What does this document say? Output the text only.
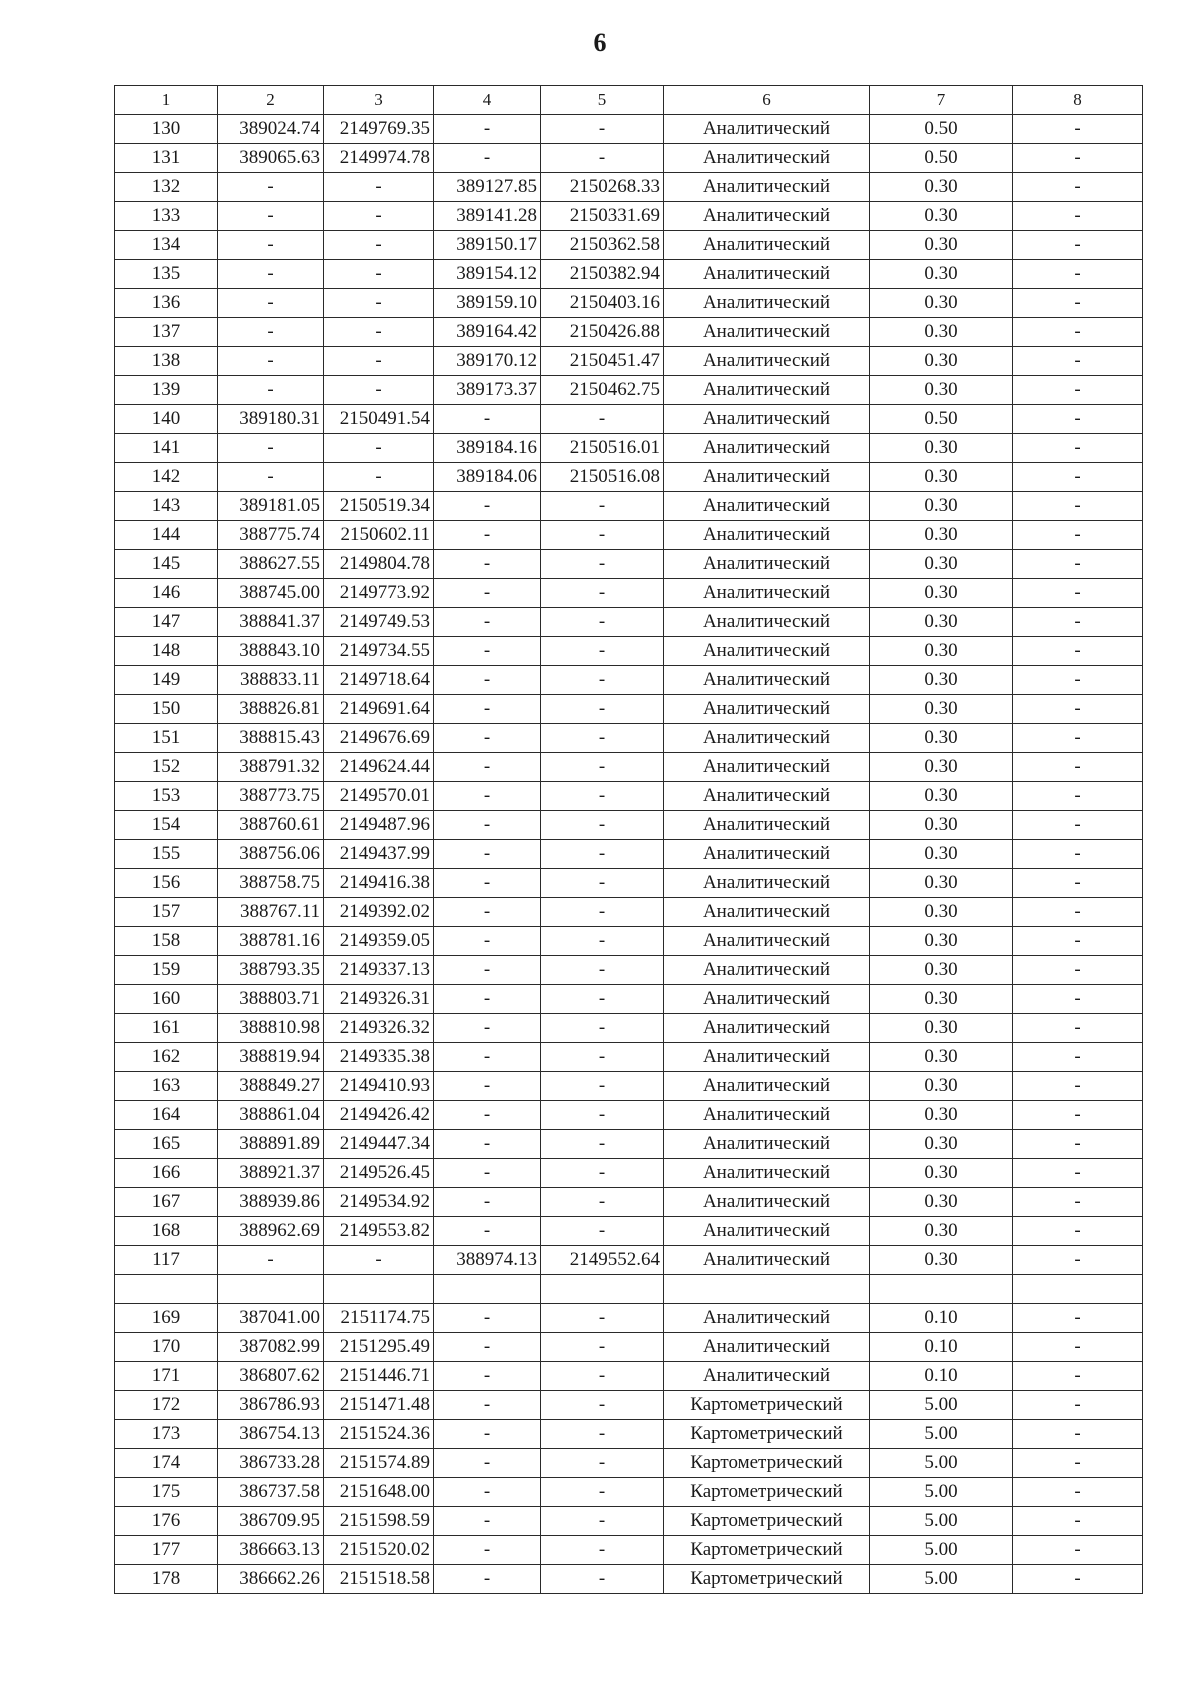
6
1	2	3	4	5	6	7	8
130	389024.74	2149769.35	-	-	Аналитический	0.50	-
131	389065.63	2149974.78	-	-	Аналитический	0.50	-
132	-	-	389127.85	2150268.33	Аналитический	0.30	-
133	-	-	389141.28	2150331.69	Аналитический	0.30	-
134	-	-	389150.17	2150362.58	Аналитический	0.30	-
135	-	-	389154.12	2150382.94	Аналитический	0.30	-
136	-	-	389159.10	2150403.16	Аналитический	0.30	-
137	-	-	389164.42	2150426.88	Аналитический	0.30	-
138	-	-	389170.12	2150451.47	Аналитический	0.30	-
139	-	-	389173.37	2150462.75	Аналитический	0.30	-
140	389180.31	2150491.54	-	-	Аналитический	0.50	-
141	-	-	389184.16	2150516.01	Аналитический	0.30	-
142	-	-	389184.06	2150516.08	Аналитический	0.30	-
143	389181.05	2150519.34	-	-	Аналитический	0.30	-
144	388775.74	2150602.11	-	-	Аналитический	0.30	-
145	388627.55	2149804.78	-	-	Аналитический	0.30	-
146	388745.00	2149773.92	-	-	Аналитический	0.30	-
147	388841.37	2149749.53	-	-	Аналитический	0.30	-
148	388843.10	2149734.55	-	-	Аналитический	0.30	-
149	388833.11	2149718.64	-	-	Аналитический	0.30	-
150	388826.81	2149691.64	-	-	Аналитический	0.30	-
151	388815.43	2149676.69	-	-	Аналитический	0.30	-
152	388791.32	2149624.44	-	-	Аналитический	0.30	-
153	388773.75	2149570.01	-	-	Аналитический	0.30	-
154	388760.61	2149487.96	-	-	Аналитический	0.30	-
155	388756.06	2149437.99	-	-	Аналитический	0.30	-
156	388758.75	2149416.38	-	-	Аналитический	0.30	-
157	388767.11	2149392.02	-	-	Аналитический	0.30	-
158	388781.16	2149359.05	-	-	Аналитический	0.30	-
159	388793.35	2149337.13	-	-	Аналитический	0.30	-
160	388803.71	2149326.31	-	-	Аналитический	0.30	-
161	388810.98	2149326.32	-	-	Аналитический	0.30	-
162	388819.94	2149335.38	-	-	Аналитический	0.30	-
163	388849.27	2149410.93	-	-	Аналитический	0.30	-
164	388861.04	2149426.42	-	-	Аналитический	0.30	-
165	388891.89	2149447.34	-	-	Аналитический	0.30	-
166	388921.37	2149526.45	-	-	Аналитический	0.30	-
167	388939.86	2149534.92	-	-	Аналитический	0.30	-
168	388962.69	2149553.82	-	-	Аналитический	0.30	-
117	-	-	388974.13	2149552.64	Аналитический	0.30	-

169	387041.00	2151174.75	-	-	Аналитический	0.10	-
170	387082.99	2151295.49	-	-	Аналитический	0.10	-
171	386807.62	2151446.71	-	-	Аналитический	0.10	-
172	386786.93	2151471.48	-	-	Картометрический	5.00	-
173	386754.13	2151524.36	-	-	Картометрический	5.00	-
174	386733.28	2151574.89	-	-	Картометрический	5.00	-
175	386737.58	2151648.00	-	-	Картометрический	5.00	-
176	386709.95	2151598.59	-	-	Картометрический	5.00	-
177	386663.13	2151520.02	-	-	Картометрический	5.00	-
178	386662.26	2151518.58	-	-	Картометрический	5.00	-
